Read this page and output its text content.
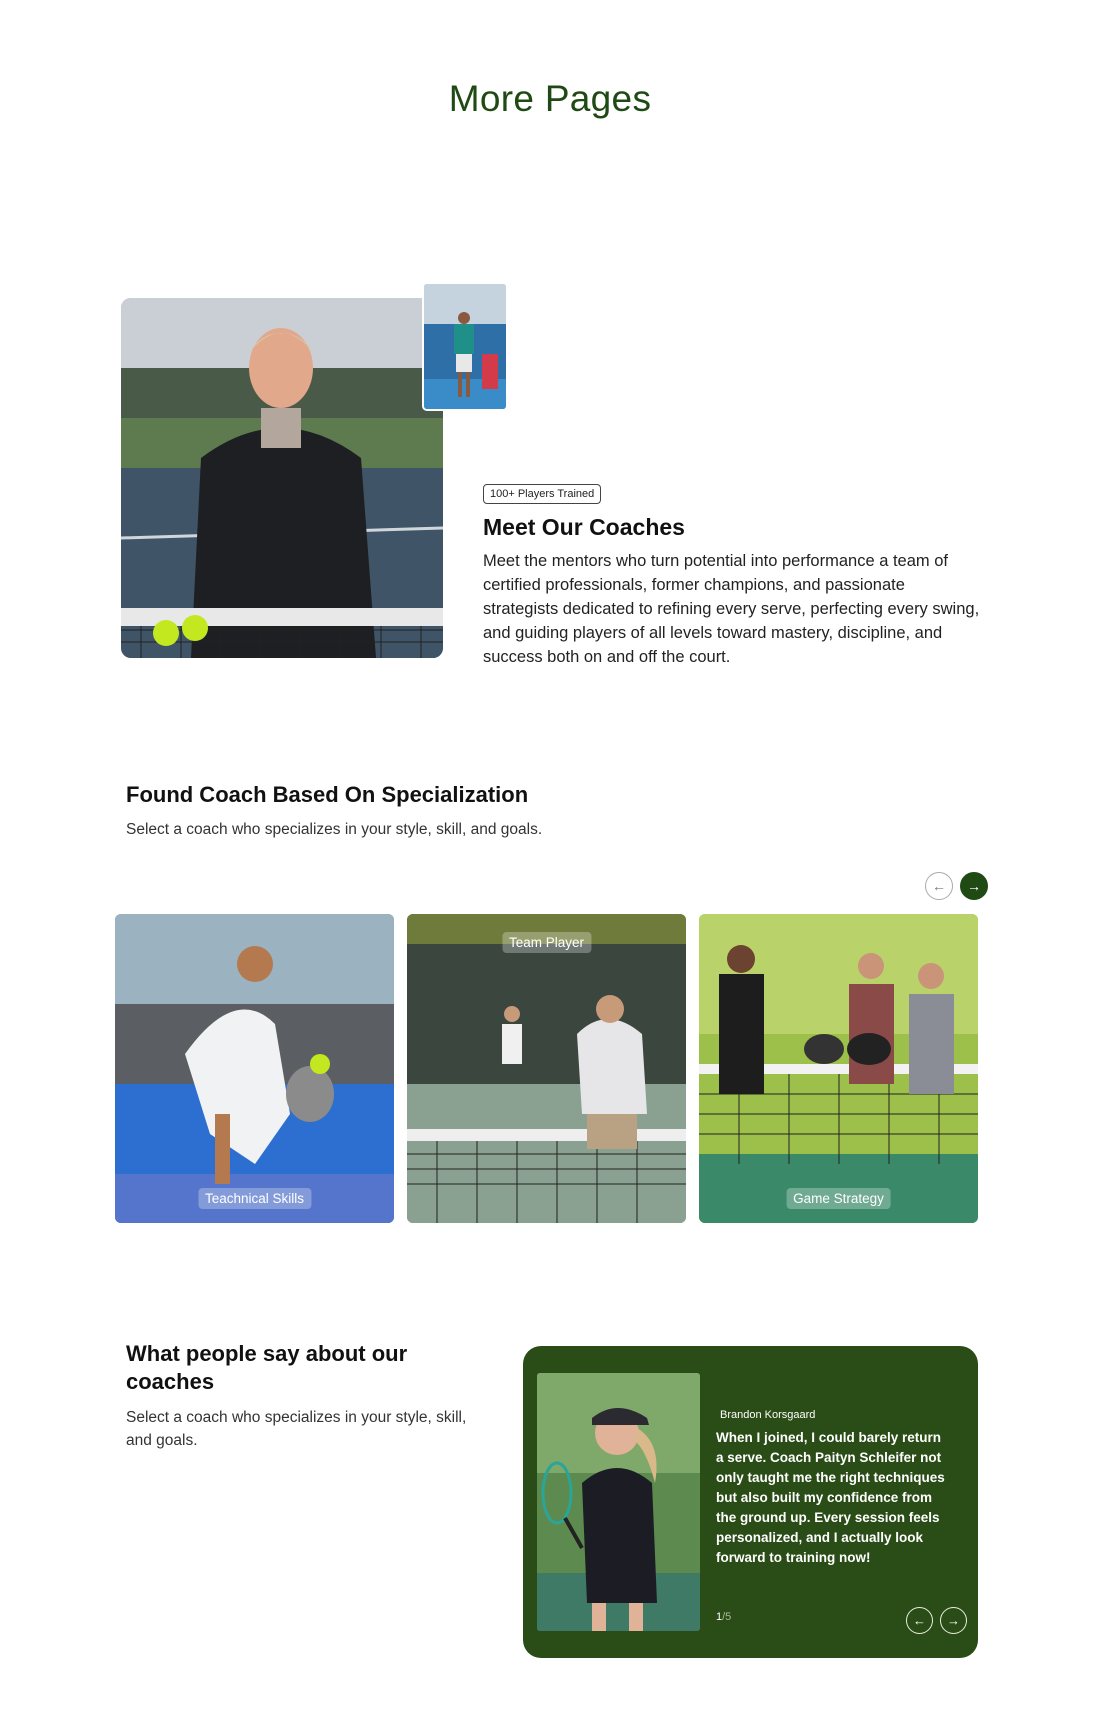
More Pages
100+ Players Trained
Meet Our Coaches

Meet the mentors who turn potential into performance a team of certified professionals, former champions, and passionate strategists dedicated to refining every serve, perfecting every swing, and guiding players of all levels toward mastery, discipline, and success both on and off the court.

Found Coach Based On Specialization

Select a coach who specializes in your style, skill, and goals.

← →
Teachnical Skills
Team Player
Game Strategy
What people say about our coaches

Select a coach who specializes in your style, skill, and goals.

Brandon Korsgaard

When I joined, I could barely return a serve. Coach Paityn Schleifer not only taught me the right techniques but also built my confidence from the ground up. Every session feels personalized, and I actually look forward to training now!

1/5	← →
